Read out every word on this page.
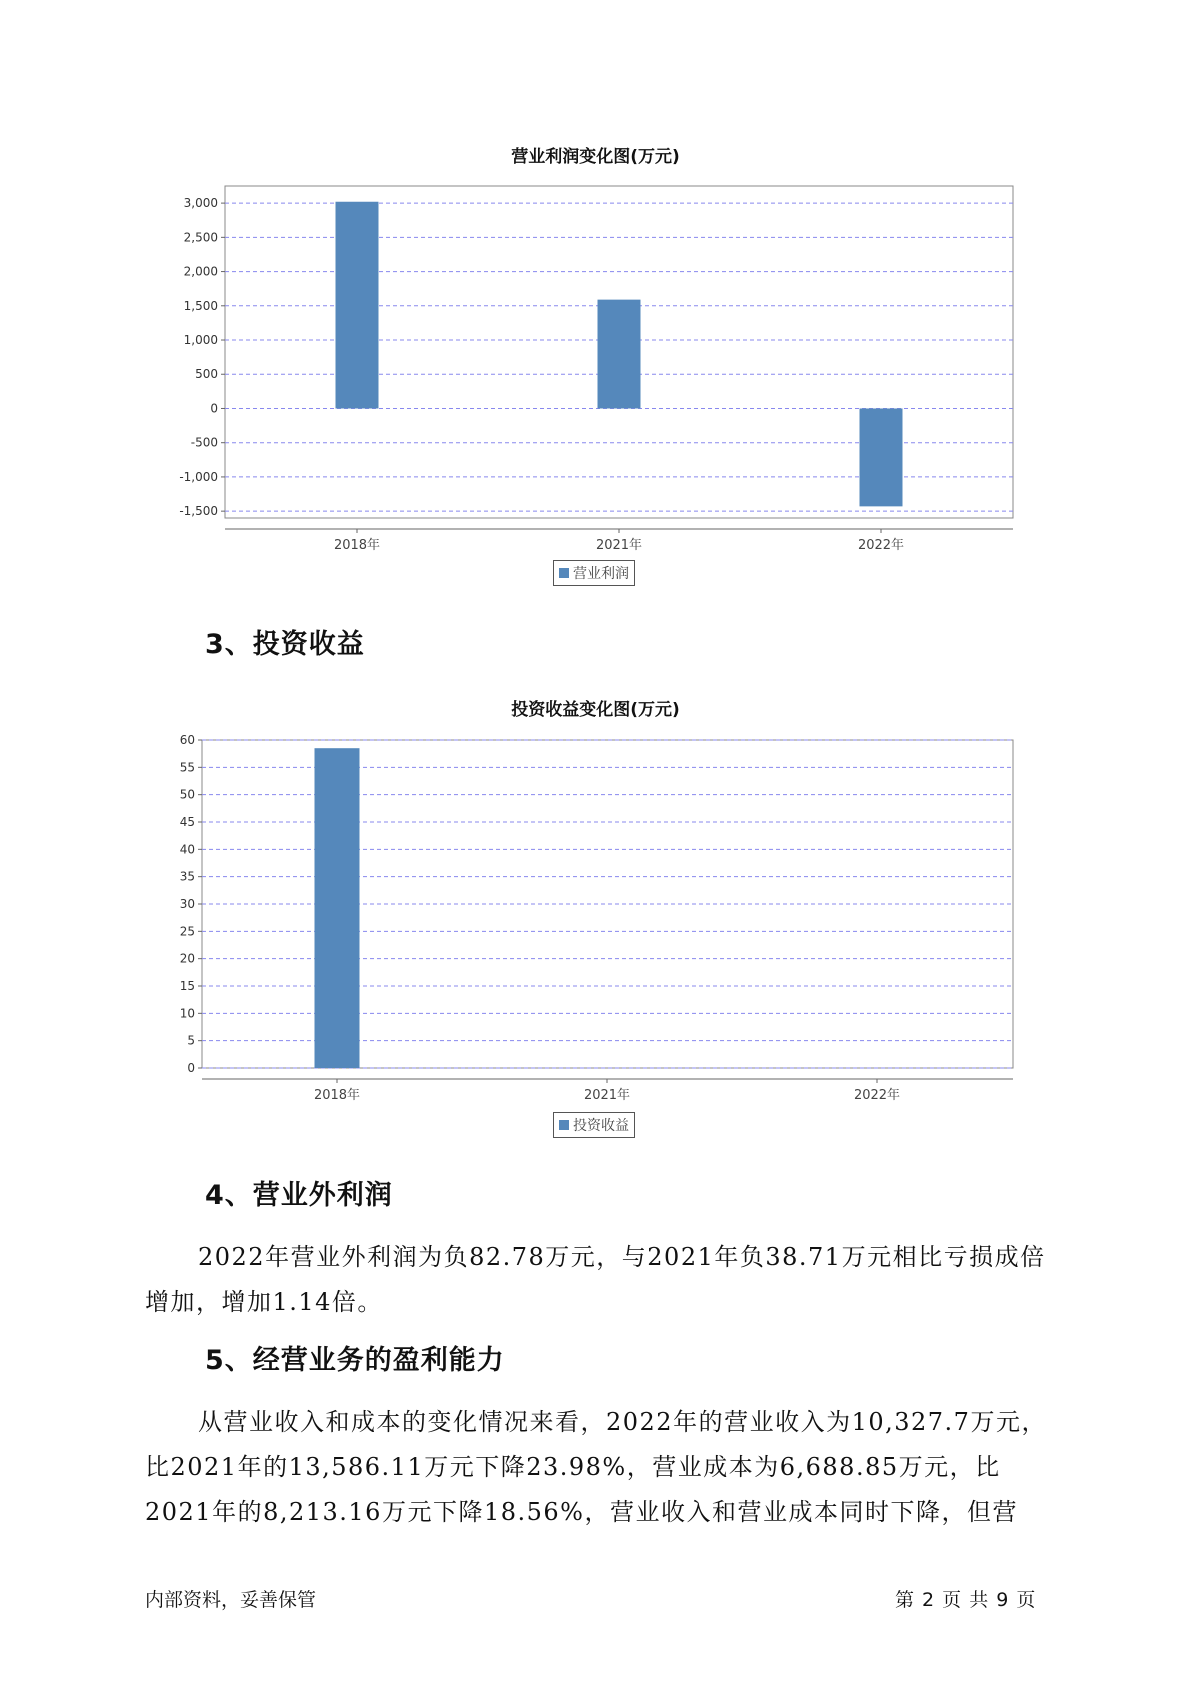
营业利润变化图(万元)
3,000
2,500
2,000
1,500
1,000
500
0
-500
-1,000
-1,500
2018年	2021年	2022年
营业利润
3、投资收益
投资收益变化图(万元)
60
55
50
45
40
35
30
25
20
15
10
5
0
2018年	2021年	2022年
投资收益
4、营业外利润

2022年营业外利润为负82.78万元，与2021年负38.71万元相比亏损成倍增加，增加1.14倍。

5、经营业务的盈利能力

从营业收入和成本的变化情况来看，2022年的营业收入为10,327.7万元，比2021年的13,586.11万元下降23.98%，营业成本为6,688.85万元，比2021年的8,213.16万元下降18.56%，营业收入和营业成本同时下降，但营

内部资料，妥善保管	第 2 页 共 9 页
